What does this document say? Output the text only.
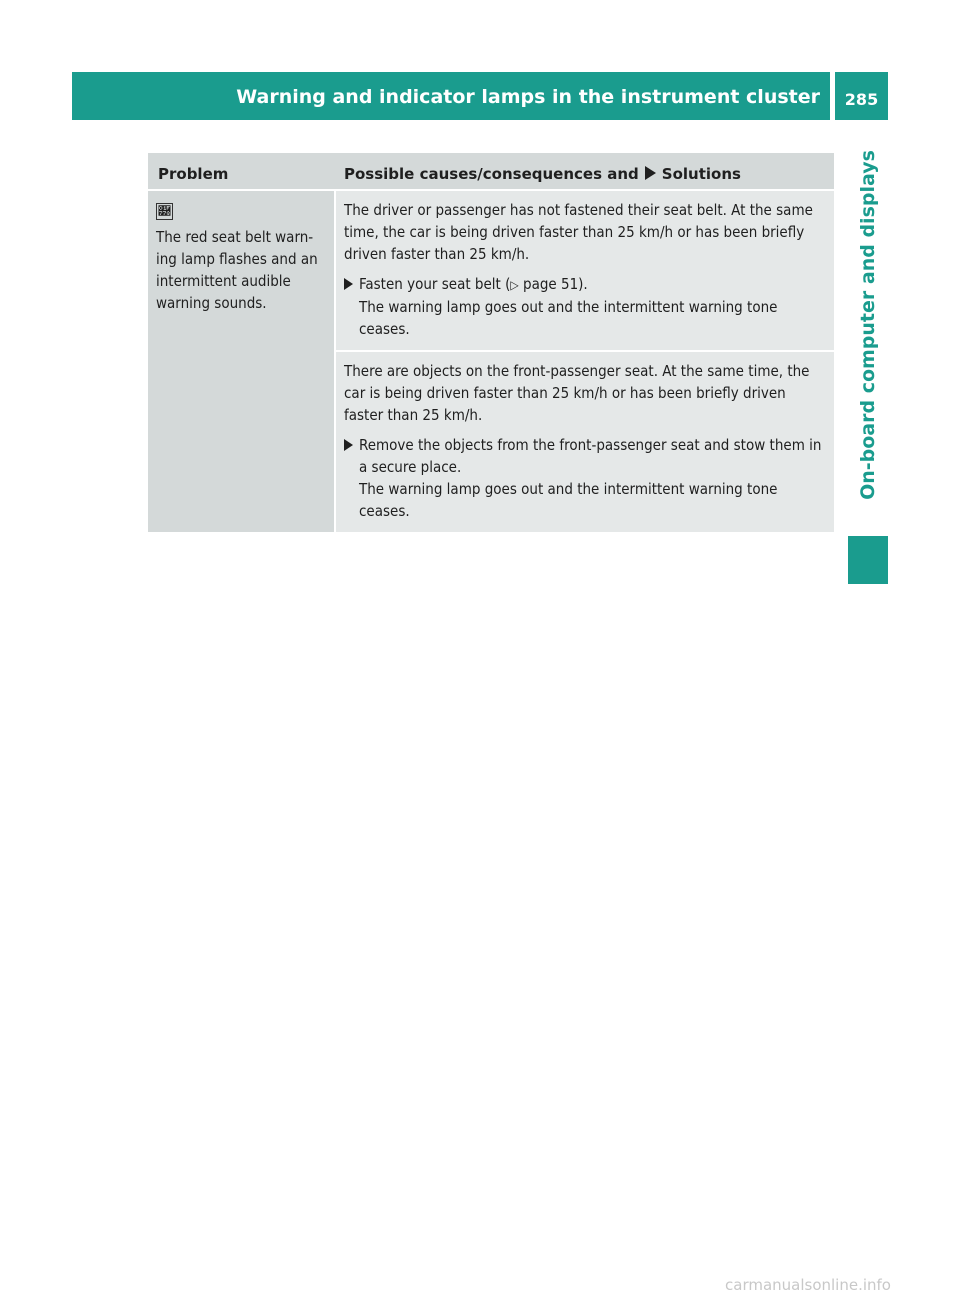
Warning and indicator lamps in the instrument cluster	285
On-board computer and displays
Problem	Possible causes/consequences and Solutions
🝸
The red seat belt warn-ing lamp flashes and an intermittent audible warning sounds.

The driver or passenger has not fastened their seat belt. At the same time, the car is being driven faster than 25 km/h or has been briefly driven faster than 25 km/h.

Fasten your seat belt (▷ page 51).

The warning lamp goes out and the intermittent warning tone ceases.

There are objects on the front-passenger seat. At the same time, the car is being driven faster than 25 km/h or has been briefly driven faster than 25 km/h.

Remove the objects from the front-passenger seat and stow them in a secure place.

The warning lamp goes out and the intermittent warning tone ceases.

carmanualsonline.info
